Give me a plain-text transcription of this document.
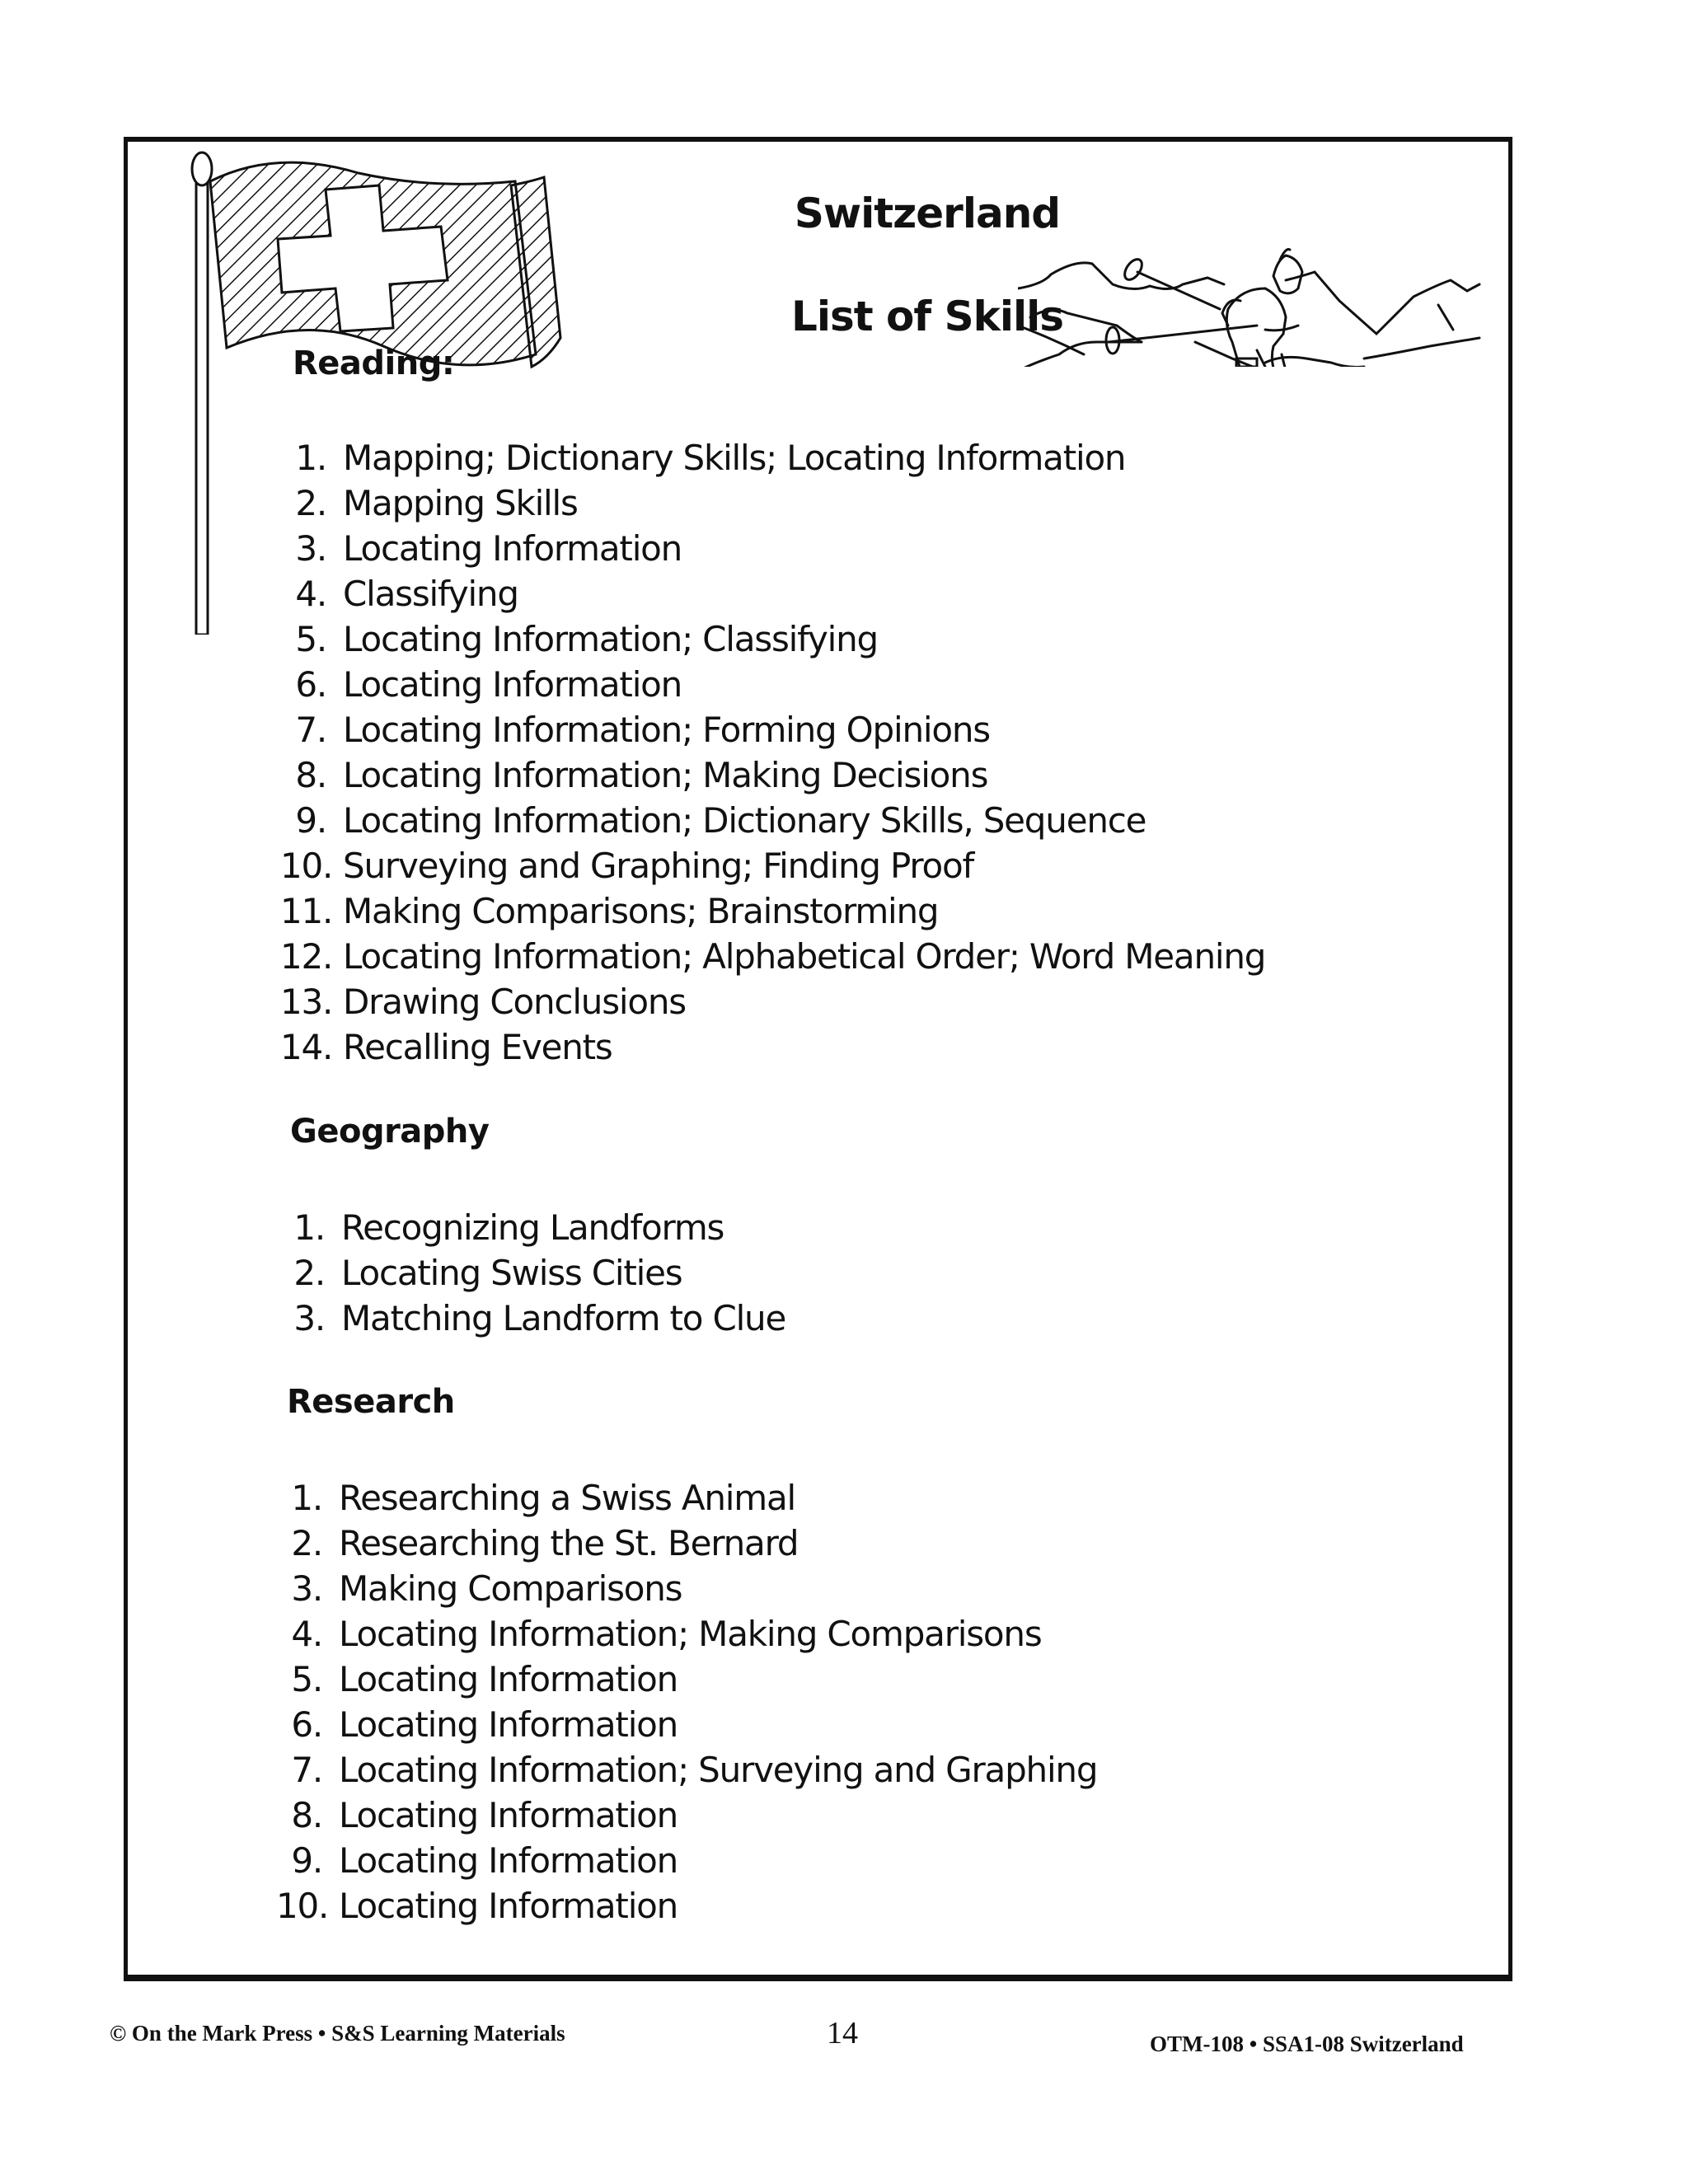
Switzerland
List of Skills
Reading:
1. Mapping; Dictionary Skills; Locating Information
2. Mapping Skills
3. Locating Information
4. Classifying
5. Locating Information; Classifying
6. Locating Information
7. Locating Information; Forming Opinions
8. Locating Information; Making Decisions
9. Locating Information; Dictionary Skills, Sequence
10. Surveying and Graphing; Finding Proof
11. Making Comparisons; Brainstorming
12. Locating Information; Alphabetical Order; Word Meaning
13. Drawing Conclusions
14. Recalling Events
Geography
1. Recognizing Landforms
2. Locating Swiss Cities
3. Matching Landform to Clue
Research
1. Researching a Swiss Animal
2. Researching the St. Bernard
3. Making Comparisons
4. Locating Information; Making Comparisons
5. Locating Information
6. Locating Information
7. Locating Information; Surveying and Graphing
8. Locating Information
9. Locating Information
10. Locating Information
© On the Mark Press • S&S Learning Materials	14	OTM-108 • SSA1-08 Switzerland
